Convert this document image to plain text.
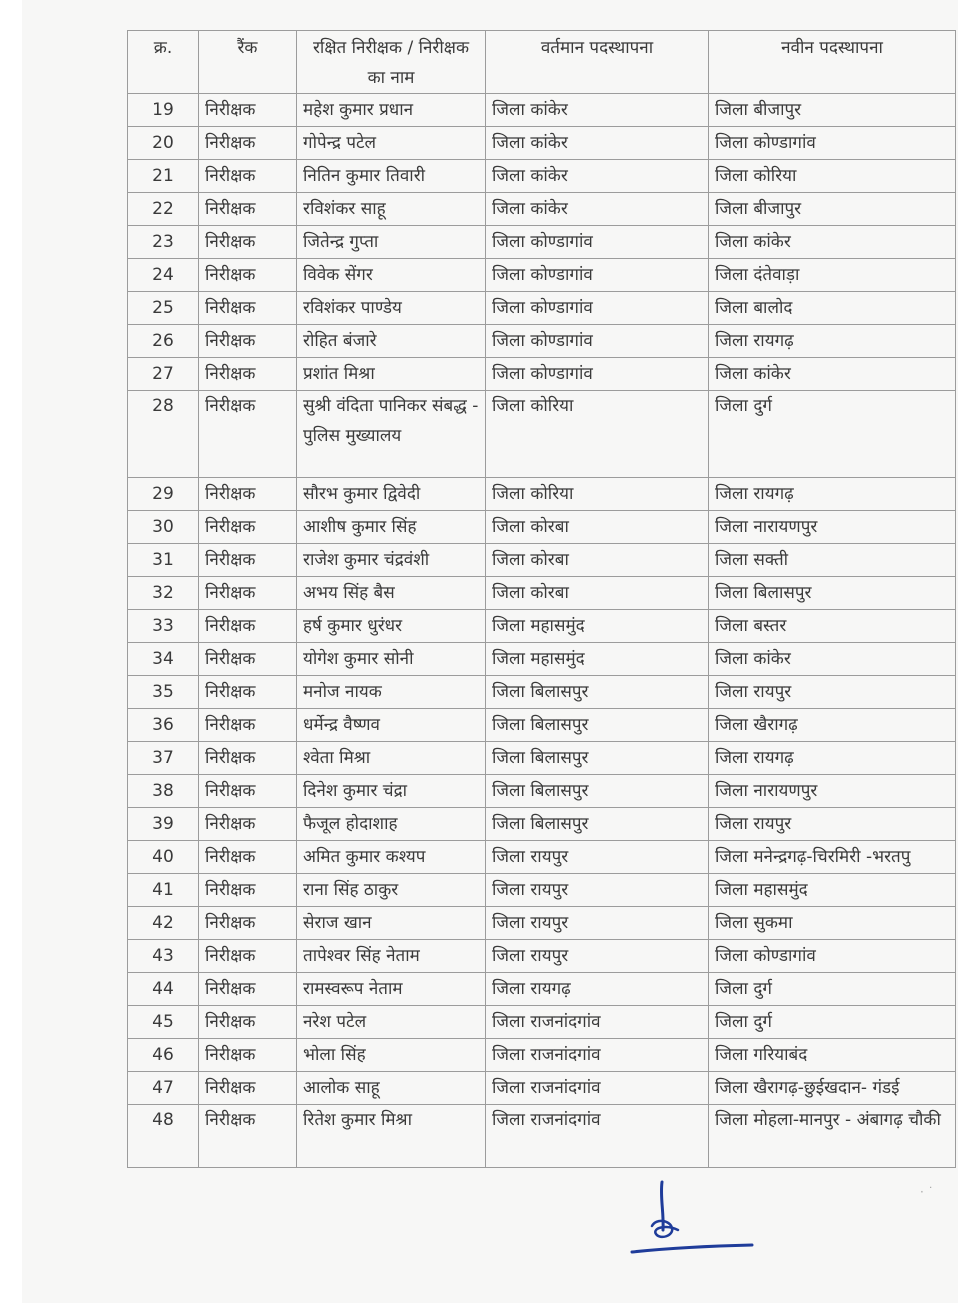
क्र.	रैंक	रक्षित निरीक्षक / निरीक्षक का नाम	वर्तमान पदस्थापना	नवीन पदस्थापना
19	निरीक्षक	महेश कुमार प्रधान	जिला कांकेर	जिला बीजापुर
20	निरीक्षक	गोपेन्द्र पटेल	जिला कांकेर	जिला कोण्डागांव
21	निरीक्षक	नितिन कुमार तिवारी	जिला कांकेर	जिला कोरिया
22	निरीक्षक	रविशंकर साहू	जिला कांकेर	जिला बीजापुर
23	निरीक्षक	जितेन्द्र गुप्ता	जिला कोण्डागांव	जिला कांकेर
24	निरीक्षक	विवेक सेंगर	जिला कोण्डागांव	जिला दंतेवाड़ा
25	निरीक्षक	रविशंकर पाण्डेय	जिला कोण्डागांव	जिला बालोद
26	निरीक्षक	रोहित बंजारे	जिला कोण्डागांव	जिला रायगढ़
27	निरीक्षक	प्रशांत मिश्रा	जिला कोण्डागांव	जिला कांकेर
28	निरीक्षक	सुश्री वंदिता पानिकर संबद्ध - पुलिस मुख्यालय	जिला कोरिया	जिला दुर्ग
29	निरीक्षक	सौरभ कुमार द्विवेदी	जिला कोरिया	जिला रायगढ़
30	निरीक्षक	आशीष कुमार सिंह	जिला कोरबा	जिला नारायणपुर
31	निरीक्षक	राजेश कुमार चंद्रवंशी	जिला कोरबा	जिला सक्ती
32	निरीक्षक	अभय सिंह बैस	जिला कोरबा	जिला बिलासपुर
33	निरीक्षक	हर्ष कुमार धुरंधर	जिला महासमुंद	जिला बस्तर
34	निरीक्षक	योगेश कुमार सोनी	जिला महासमुंद	जिला कांकेर
35	निरीक्षक	मनोज नायक	जिला बिलासपुर	जिला रायपुर
36	निरीक्षक	धर्मेन्द्र वैष्णव	जिला बिलासपुर	जिला खैरागढ़
37	निरीक्षक	श्वेता मिश्रा	जिला बिलासपुर	जिला रायगढ़
38	निरीक्षक	दिनेश कुमार चंद्रा	जिला बिलासपुर	जिला नारायणपुर
39	निरीक्षक	फैजूल होदाशाह	जिला बिलासपुर	जिला रायपुर
40	निरीक्षक	अमित कुमार कश्यप	जिला रायपुर	जिला मनेन्द्रगढ़-चिरमिरी -भरतपु
41	निरीक्षक	राना सिंह ठाकुर	जिला रायपुर	जिला महासमुंद
42	निरीक्षक	सेराज खान	जिला रायपुर	जिला सुकमा
43	निरीक्षक	तापेश्वर सिंह नेताम	जिला रायपुर	जिला कोण्डागांव
44	निरीक्षक	रामस्वरूप नेताम	जिला रायगढ़	जिला दुर्ग
45	निरीक्षक	नरेश पटेल	जिला राजनांदगांव	जिला दुर्ग
46	निरीक्षक	भोला सिंह	जिला राजनांदगांव	जिला गरियाबंद
47	निरीक्षक	आलोक साहू	जिला राजनांदगांव	जिला खैरागढ़-छुईखदान- गंडई
48	निरीक्षक	रितेश कुमार मिश्रा	जिला राजनांदगांव	जिला मोहला-मानपुर - अंबागढ़ चौकी
· ˙
